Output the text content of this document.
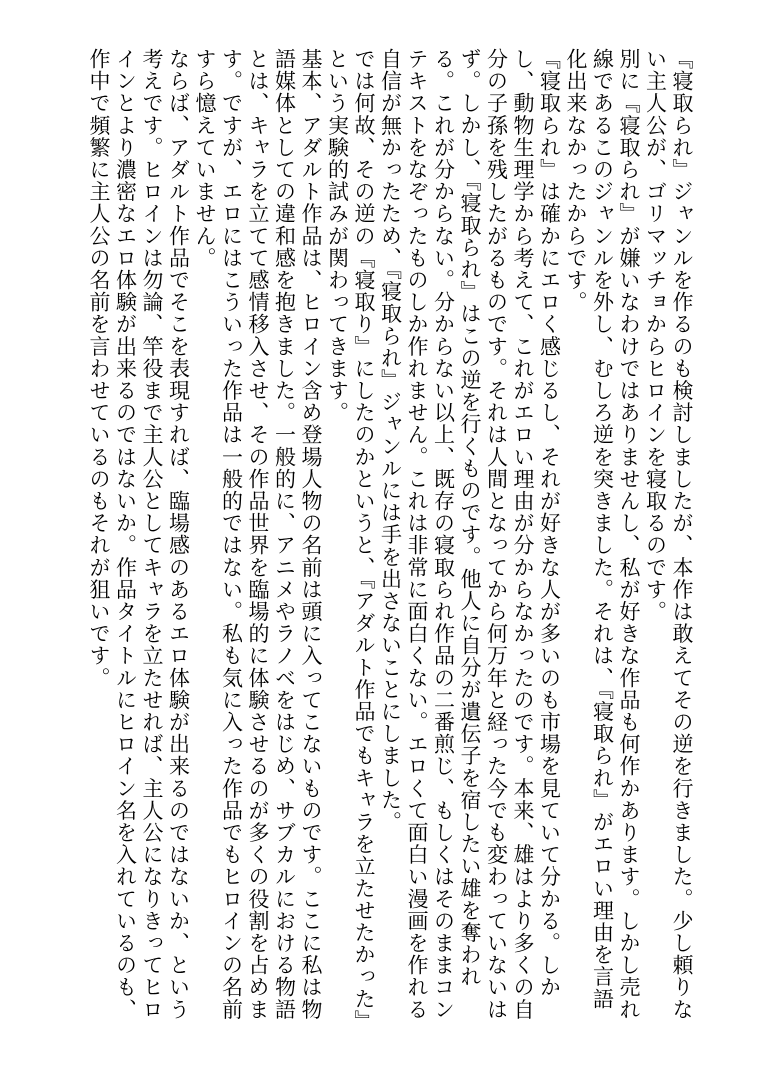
『寝取られ』ジャンルを作るのも検討しましたが、本作は敢えてその逆を行きました。少し頼りない主人公が、ゴリマッチョからヒロインを寝取るのです。

別に『寝取られ』が嫌いなわけではありませんし、私が好きな作品も何作かあります。しかし売れ線であるこのジャンルを外し、むしろ逆を突きました。それは、『寝取られ』がエロい理由を言語化出来なかったからです。

『寝取られ』は確かにエロく感じるし、それが好きな人が多いのも市場を見ていて分かる。しかし、動物生理学から考えて、これがエロい理由が分からなかったのです。本来、雄はより多くの自分の子孫を残したがるものです。それは人間となってから何万年と経った今でも変わっていないはず。しかし、『寝取られ』はこの逆を行くものです。他人に自分が遺伝子を宿したい雄を奪われる。これが分からない。分からない以上、既存の寝取られ作品の二番煎じ、もしくはそのままコンテキストをなぞったものしか作れません。これは非常に面白くない。エロくて面白い漫画を作れる自信が無かったため、『寝取られ』ジャンルには手を出さないことにしました。

では何故、その逆の『寝取り』にしたのかというと、『アダルト作品でもキャラを立たせたかった』という実験的試みが関わってきます。

基本、アダルト作品は、ヒロイン含め登場人物の名前は頭に入ってこないものです。ここに私は物語媒体としての違和感を抱きました。一般的に、アニメやラノベをはじめ、サブカルにおける物語とは、キャラを立てて感情移入させ、その作品世界を臨場的に体験させるのが多くの役割を占めます。ですが、エロにはこういった作品は一般的ではない。私も気に入った作品でもヒロインの名前すら憶えていません。

ならば、アダルト作品でそこを表現すれば、臨場感のあるエロ体験が出来るのではないか、という考えです。ヒロインは勿論、竿役まで主人公としてキャラを立たせれば、主人公になりきってヒロインとより濃密なエロ体験が出来るのではないか。作品タイトルにヒロイン名を入れているのも、作中で頻繁に主人公の名前を言わせているのもそれが狙いです。
